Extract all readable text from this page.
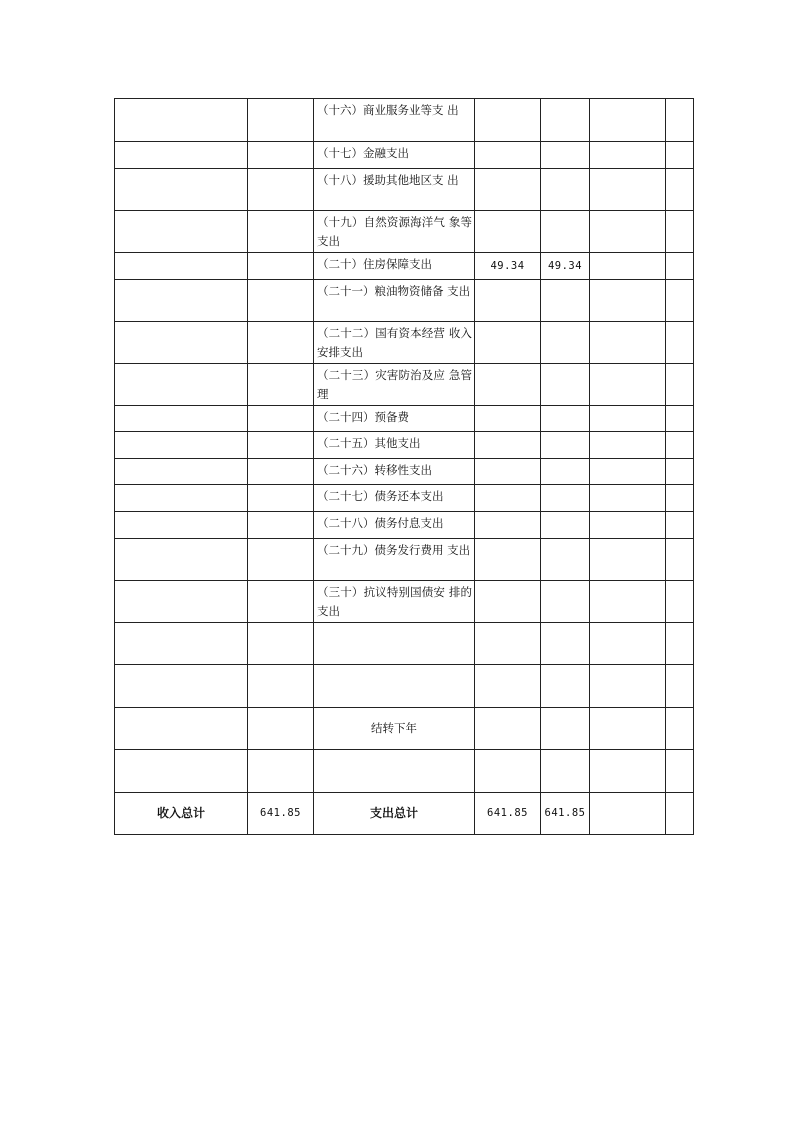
		（十六）商业服务业等支 出				
		（十七）金融支出				
		（十八）援助其他地区支 出				
		（十九）自然资源海洋气 象等支出				
		（二十）住房保障支出	49.34	49.34		
		（二十一）粮油物资储备 支出				
		（二十二）国有资本经营 收入安排支出				
		（二十三）灾害防治及应 急管理				
		（二十四）预备费				
		（二十五）其他支出				
		（二十六）转移性支出				
		（二十七）债务还本支出				
		（二十八）债务付息支出				
		（二十九）债务发行费用 支出				
		（三十）抗议特别国债安 排的支出				

		结转下年				

收入总计	641.85	支出总计	641.85	641.85		
